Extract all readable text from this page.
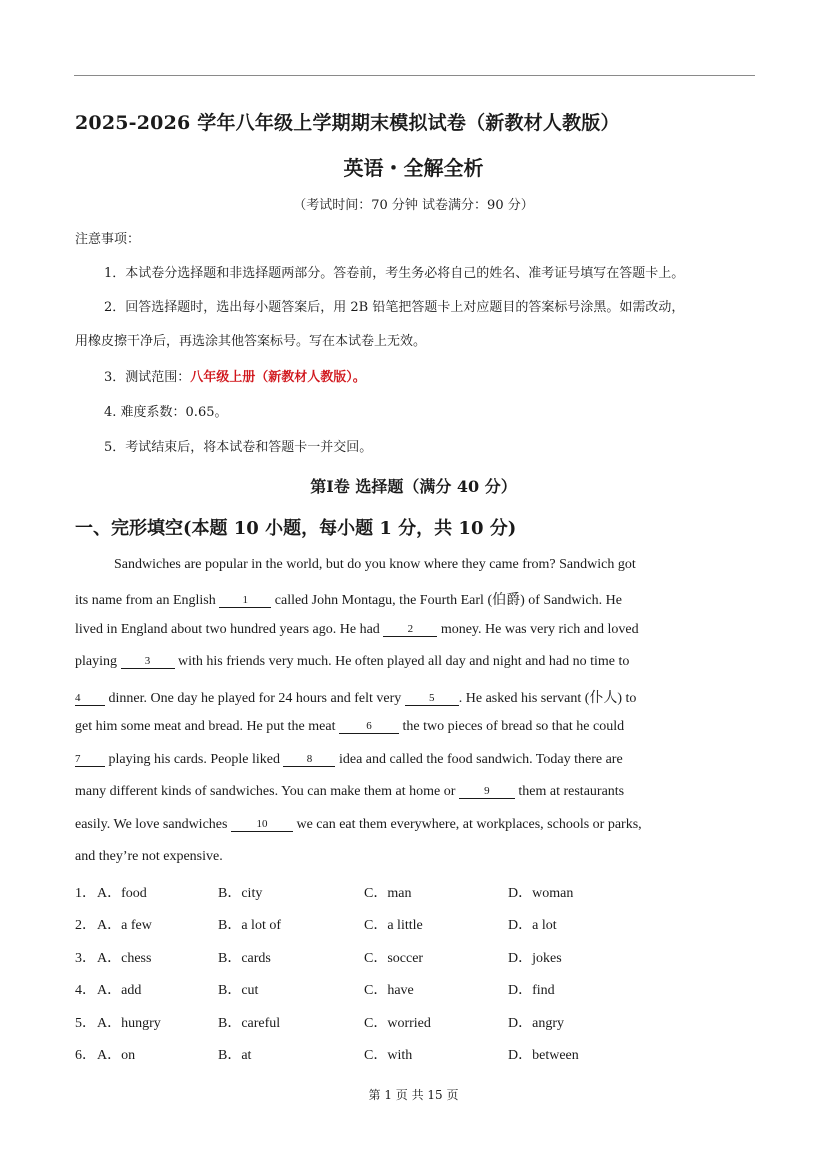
2025-2026 学年八年级上学期期末模拟试卷（新教材人教版）
英语・全解全析
（考试时间：70 分钟 试卷满分：90 分）
注意事项：
1．本试卷分选择题和非选择题两部分。答卷前，考生务必将自己的姓名、准考证号填写在答题卡上。
2．回答选择题时，选出每小题答案后，用 2B 铅笔把答题卡上对应题目的答案标号涂黑。如需改动，
用橡皮擦干净后，再选涂其他答案标号。写在本试卷上无效。
3．测试范围：八年级上册（新教材人教版）。
4. 难度系数：0.65。
5．考试结束后，将本试卷和答题卡一并交回。
第Ⅰ卷 选择题（满分 40 分）
一、完形填空(本题 10 小题，每小题 1 分，共 10 分)
Sandwiches are popular in the world, but do you know where they came from? Sandwich got
its name from an English 1 called John Montagu, the Fourth Earl (伯爵) of Sandwich. He
lived in England about two hundred years ago. He had 2 money. He was very rich and loved
playing 3 with his friends very much. He often played all day and night and had no time to
4 dinner. One day he played for 24 hours and felt very 5 . He asked his servant (仆人) to
get him some meat and bread. He put the meat 6 the two pieces of bread so that he could
7 playing his cards. People liked 8 idea and called the food sandwich. Today there are
many different kinds of sandwiches. You can make them at home or 9 them at restaurants
easily. We love sandwiches 10 we can eat them everywhere, at workplaces, schools or parks,
and they’re not expensive.
1． A．food	B．city	C．man	D．woman
2． A．a few	B．a lot of	C．a little	D．a lot
3． A．chess	B．cards	C．soccer	D．jokes
4． A．add	B．cut	C．have	D．find
5． A．hungry	B．careful	C．worried	D．angry
6． A．on	B．at	C．with	D．between
第 1 页 共 15 页
